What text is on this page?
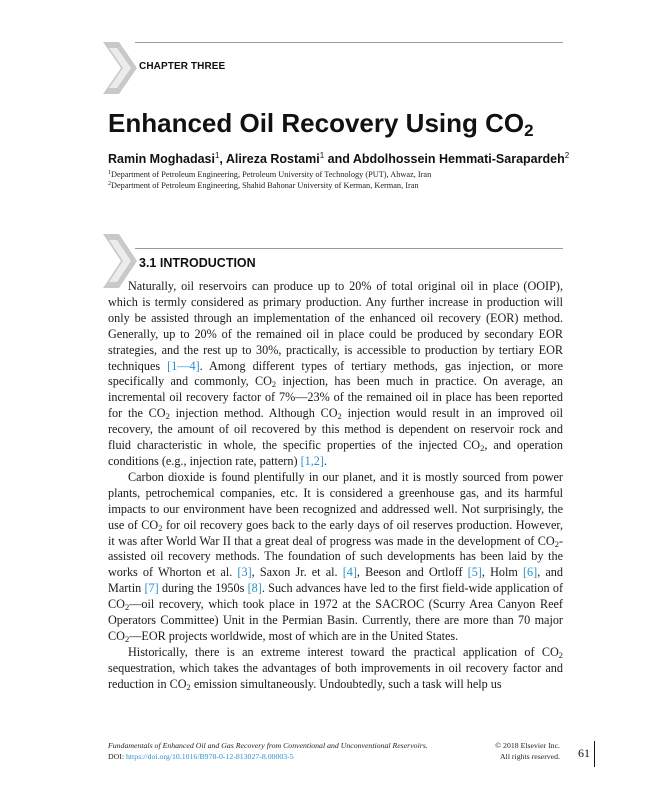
CHAPTER THREE
Enhanced Oil Recovery Using $CO_2$
Ramin Moghadasi$^1$, Alireza Rostami$^1$ and Abdolhossein Hemmati-Sarapardeh$^2$
$^1$Department of Petroleum Engineering, Petroleum University of Technology (PUT), Ahwaz, Iran
$^2$Department of Petroleum Engineering, Shahid Bahonar University of Kerman, Kerman, Iran
3.1 INTRODUCTION

Naturally, oil reservoirs can produce up to 20% of total original oil in place (OOIP), which is termly considered as primary production. Any further increase in production will only be assisted through an implementation of the enhanced oil recovery (EOR) method. Generally, up to 20% of the remained oil in place could be produced by secondary EOR strategies, and the rest up to 30%, practically, is accessible to production by tertiary EOR techniques [1—4]. Among different types of tertiary methods, gas injection, or more specifically and commonly, $CO_2$ injection, has been much in practice. On average, an incremental oil recovery factor of 7%—23% of the remained oil in place has been reported for the $CO_2$ injection method. Although $CO_2$ injection would result in an improved oil recovery, the amount of oil recovered by this method is dependent on reservoir rock and fluid characteristic in whole, the specific properties of the injected $CO_2$, and operation conditions (e.g., injection rate, pattern) [1,2].

Carbon dioxide is found plentifully in our planet, and it is mostly sourced from power plants, petrochemical companies, etc. It is considered a greenhouse gas, and its harmful impacts to our environment have been recognized and addressed well. Not surprisingly, the use of $CO_2$ for oil recovery goes back to the early days of oil reserves production. However, it was after World War II that a great deal of progress was made in the development of $CO_2$-assisted oil recovery methods. The foundation of such developments has been laid by the works of Whorton et al. [3], Saxon Jr. et al. [4], Beeson and Ortloff [5], Holm [6], and Martin [7] during the 1950s [8]. Such advances have led to the first field-wide application of $CO_2—oil$ recovery, which took place in 1972 at the SACROC (Scurry Area Canyon Reef Operators Committee) Unit in the Permian Basin. Currently, there are more than 70 major $CO_2—EOR$ projects worldwide, most of which are in the United States.

Historically, there is an extreme interest toward the practical application of $CO_2$ sequestration, which takes the advantages of both improvements in oil recovery factor and reduction in $CO_2$ emission simultaneously. Undoubtedly, such a task will help us

Fundamentals of Enhanced Oil and Gas Recovery from Conventional and Unconventional Reservoirs.
DOI: https://doi.org/10.1016/B978-0-12-813027-8.00003-5
© 2018 Elsevier Inc.
All rights reserved. 61
